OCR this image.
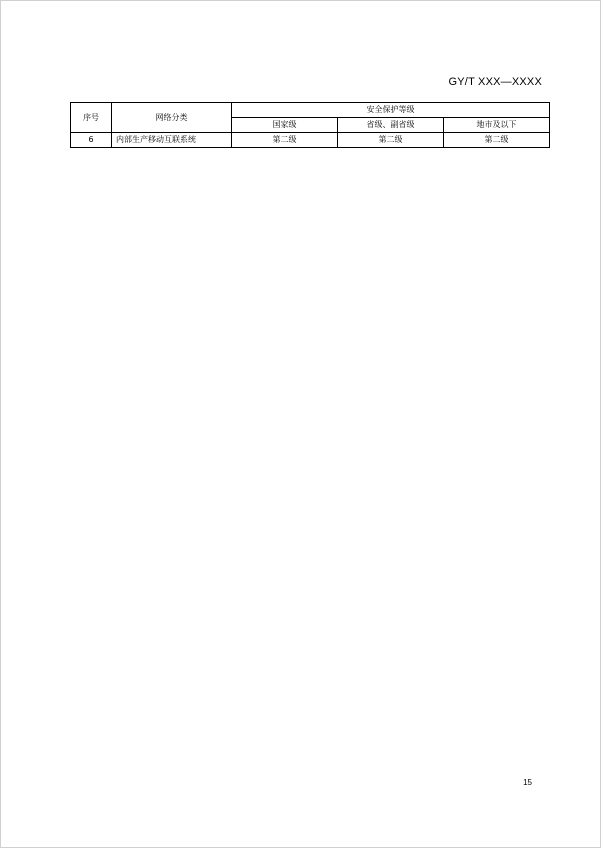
GY/T XXX—XXXX
序号	网络分类	安全保护等级		
		国家级	省级、副省级	地市及以下
6	内部生产移动互联系统	第二级	第二级	第二级
15
